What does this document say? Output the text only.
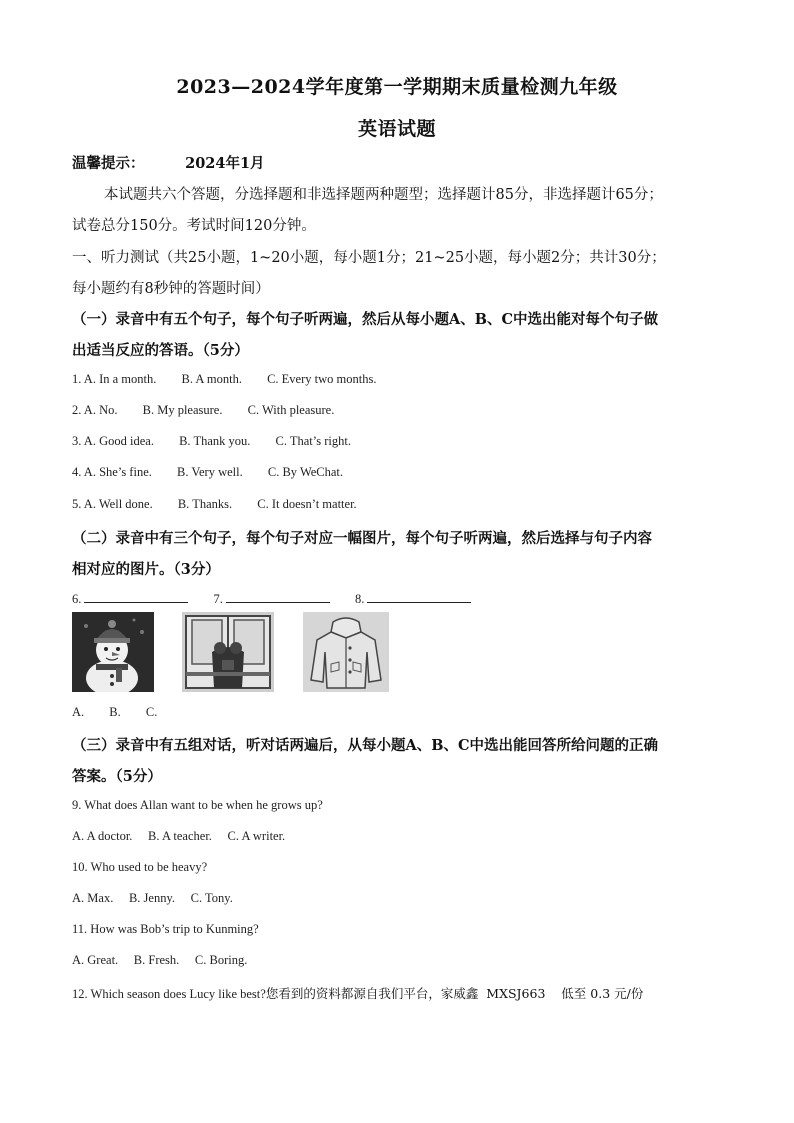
2023—2024学年度第一学期期末质量检测九年级
英语试题
温馨提示：	2024年1月
本试题共六个答题，分选择题和非选择题两种题型；选择题计85分，非选择题计65分；
试卷总分150分。考试时间120分钟。
一、听力测试（共25小题，1~20小题，每小题1分；21~25小题，每小题2分；共计30分；
每小题约有8秒钟的答题时间）
（一）录音中有五个句子，每个句子听两遍，然后从每小题A、B、C中选出能对每个句子做
出适当反应的答语。（5分）
1. A. In a month. B. A month. C. Every two months.
2. A. No. B. My pleasure. C. With pleasure.
3. A. Good idea. B. Thank you. C. That’s right.
4. A. She’s fine. B. Very well. C. By WeChat.
5. A. Well done. B. Thanks. C. It doesn’t matter.
（二）录音中有三个句子，每个句子对应一幅图片，每个句子听两遍，然后选择与句子内容
相对应的图片。（3分）
6.	7.	8.
A. B. C.
（三）录音中有五组对话，听对话两遍后，从每小题A、B、C中选出能回答所给问题的正确
答案。（5分）
9. What does Allan want to be when he grows up?
A. A doctor.     B. A teacher.     C. A writer.
10. Who used to be heavy?
A. Max.     B. Jenny.     C. Tony.
11. How was Bob’s trip to Kunming?
A. Great.     B. Fresh.     C. Boring.
12. Which season does Lucy like best?您看到的资料都源自我们平台，家威鑫  MXSJ663    低至 0.3 元/份
